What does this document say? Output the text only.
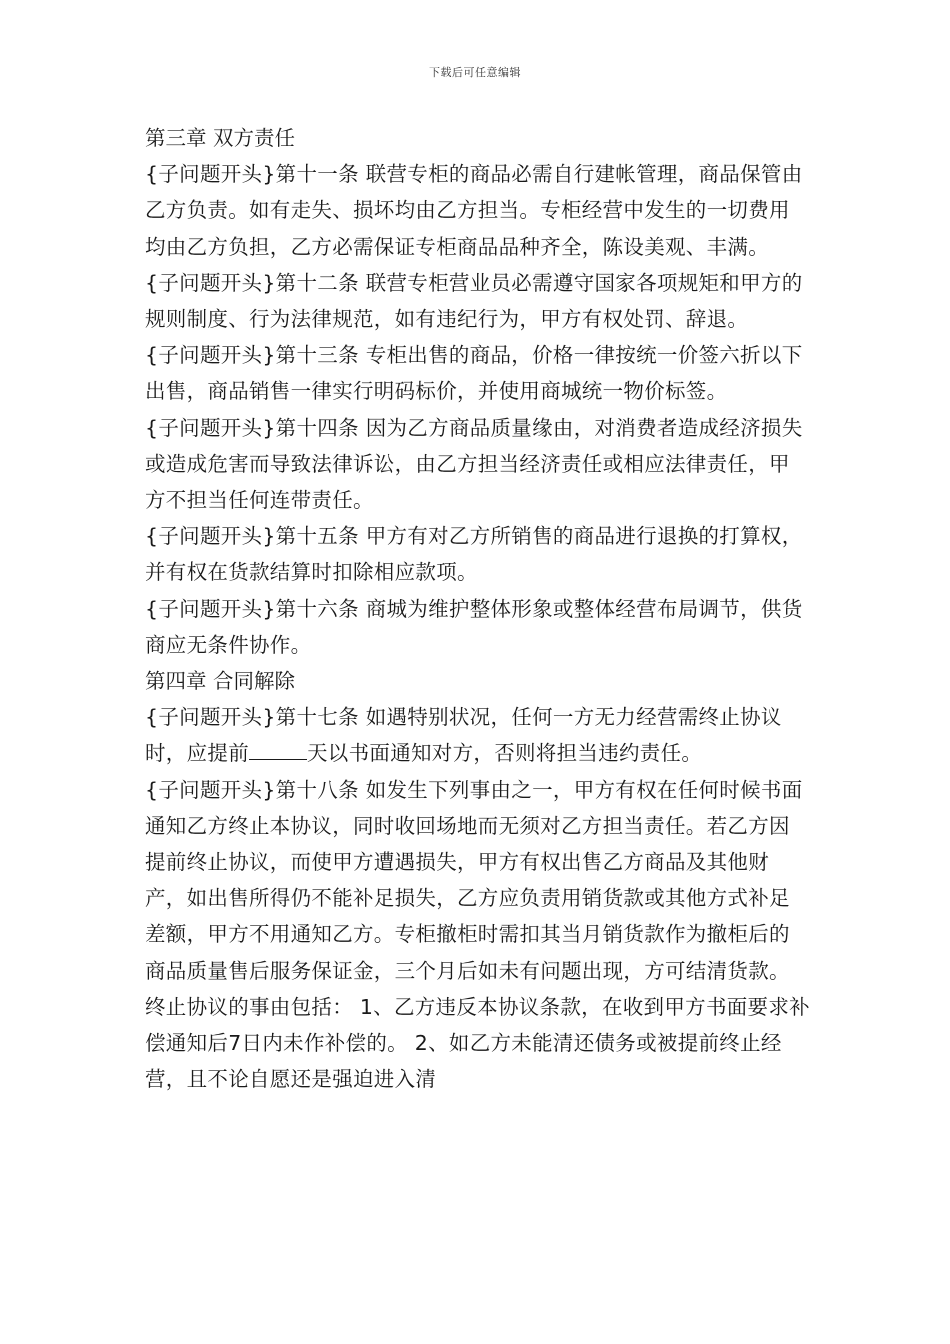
下载后可任意编辑

第三章 双方责任

{子问题开头}第十一条 联营专柜的商品必需自行建帐管理，商品保管由乙方负责。如有走失、损坏均由乙方担当。专柜经营中发生的一切费用均由乙方负担，乙方必需保证专柜商品品种齐全，陈设美观、丰满。

{子问题开头}第十二条 联营专柜营业员必需遵守国家各项规矩和甲方的规则制度、行为法律规范，如有违纪行为，甲方有权处罚、辞退。

{子问题开头}第十三条 专柜出售的商品，价格一律按统一价签六折以下出售，商品销售一律实行明码标价，并使用商城统一物价标签。

{子问题开头}第十四条 因为乙方商品质量缘由，对消费者造成经济损失或造成危害而导致法律诉讼，由乙方担当经济责任或相应法律责任，甲方不担当任何连带责任。

{子问题开头}第十五条 甲方有对乙方所销售的商品进行退换的打算权，并有权在货款结算时扣除相应款项。

{子问题开头}第十六条 商城为维护整体形象或整体经营布局调节，供货商应无条件协作。

第四章 合同解除

{子问题开头}第十七条 如遇特别状况，任何一方无力经营需终止协议时，应提前	天以书面通知对方，否则将担当违约责任。

{子问题开头}第十八条 如发生下列事由之一，甲方有权在任何时候书面通知乙方终止本协议，同时收回场地而无须对乙方担当责任。若乙方因提前终止协议，而使甲方遭遇损失，甲方有权出售乙方商品及其他财产，如出售所得仍不能补足损失，乙方应负责用销货款或其他方式补足差额，甲方不用通知乙方。专柜撤柜时需扣其当月销货款作为撤柜后的商品质量售后服务保证金，三个月后如未有问题出现，方可结清货款。终止协议的事由包括： 1、乙方违反本协议条款，在收到甲方书面要求补偿通知后7日内未作补偿的。 2、如乙方未能清还债务或被提前终止经营，且不论自愿还是强迫进入清
